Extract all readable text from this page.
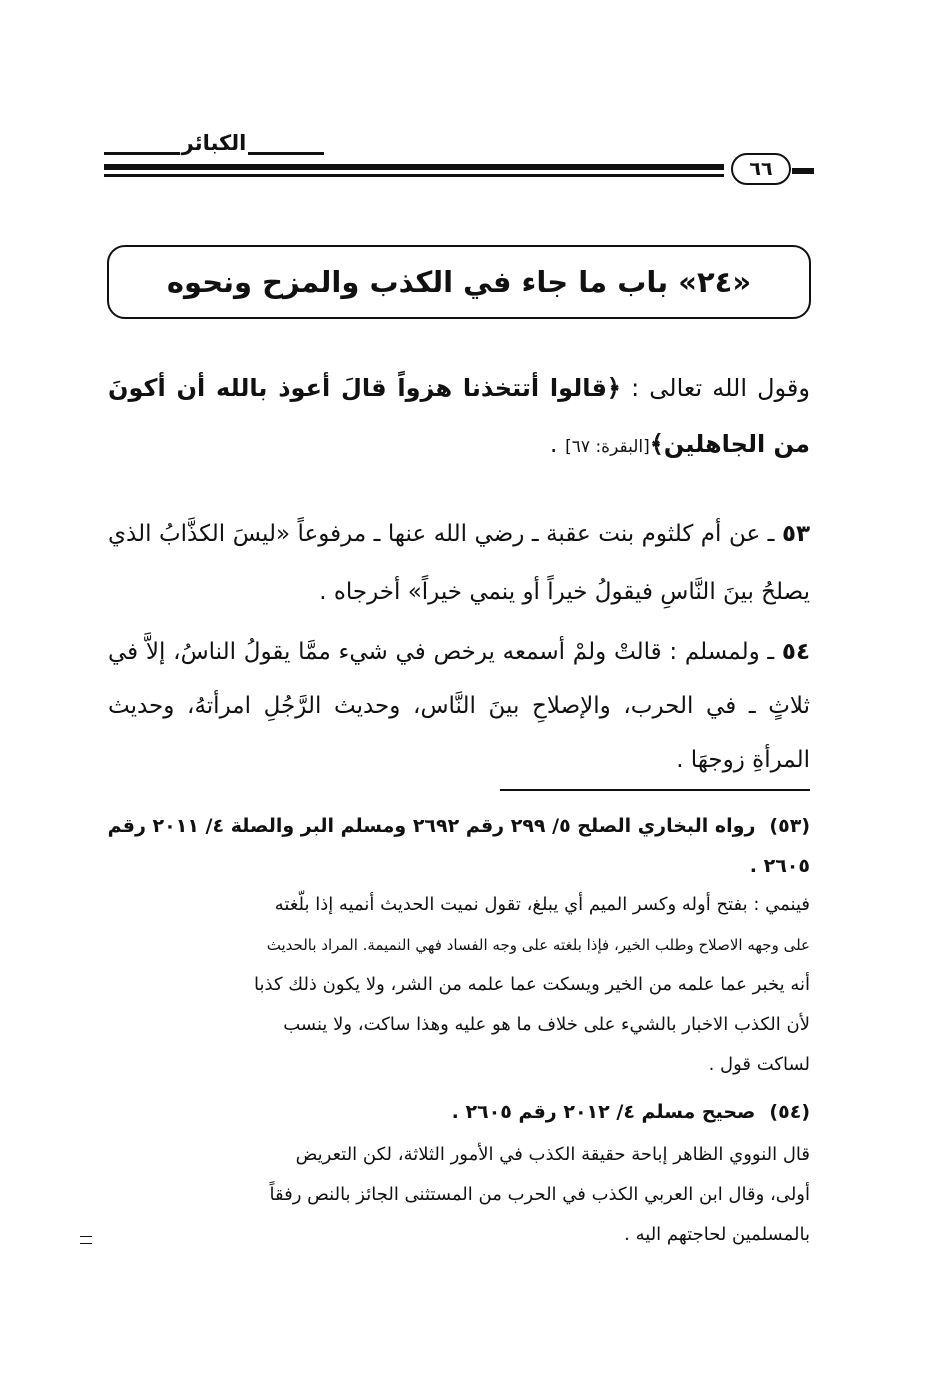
الكبائر
٦٦
«٢٤» باب ما جاء في الكذب والمزح ونحوه
وقول الله تعالى : ﴿قالوا أتتخذنا هزواً قالَ أعوذ بالله أن أكونَ من الجاهلين﴾[البقرة: ٦٧] .
٥٣ ـ عن أم كلثوم بنت عقبة ـ رضي الله عنها ـ مرفوعاً «ليسَ الكذَّابُ الذي يصلحُ بينَ النَّاسِ فيقولُ خيراً أو ينمي خيراً» أخرجاه .
٥٤ ـ ولمسلم : قالتْ ولمْ أسمعه يرخص في شيء ممَّا يقولُ الناسُ، إلاَّ في ثلاثٍ ـ في الحرب، والإصلاحِ بينَ النَّاس، وحديث الرَّجُلِ امرأتهُ، وحديث المرأةِ زوجهَا .
(٥٣)رواه البخاري الصلح ٥/ ٢٩٩ رقم ٢٦٩٢ ومسلم البر والصلة ٤/ ٢٠١١ رقم
٢٦٠٥ .
فينمي : بفتح أوله وكسر الميم أي يبلغ، تقول نميت الحديث أنميه إذا بلّغته
على وجهه الاصلاح وطلب الخير، فإذا بلغته على وجه الفساد فهي النميمة. المراد بالحديث
أنه يخبر عما علمه من الخير ويسكت عما علمه من الشر، ولا يكون ذلك كذبا
لأن الكذب الاخبار بالشيء على خلاف ما هو عليه وهذا ساكت، ولا ينسب
لساكت قول .
(٥٤)صحيح مسلم ٤/ ٢٠١٢ رقم ٢٦٠٥ .
قال النووي الظاهر إباحة حقيقة الكذب في الأمور الثلاثة، لكن التعريض
أولى، وقال ابن العربي الكذب في الحرب من المستثنى الجائز بالنص رفقاً
بالمسلمين لحاجتهم اليه .
